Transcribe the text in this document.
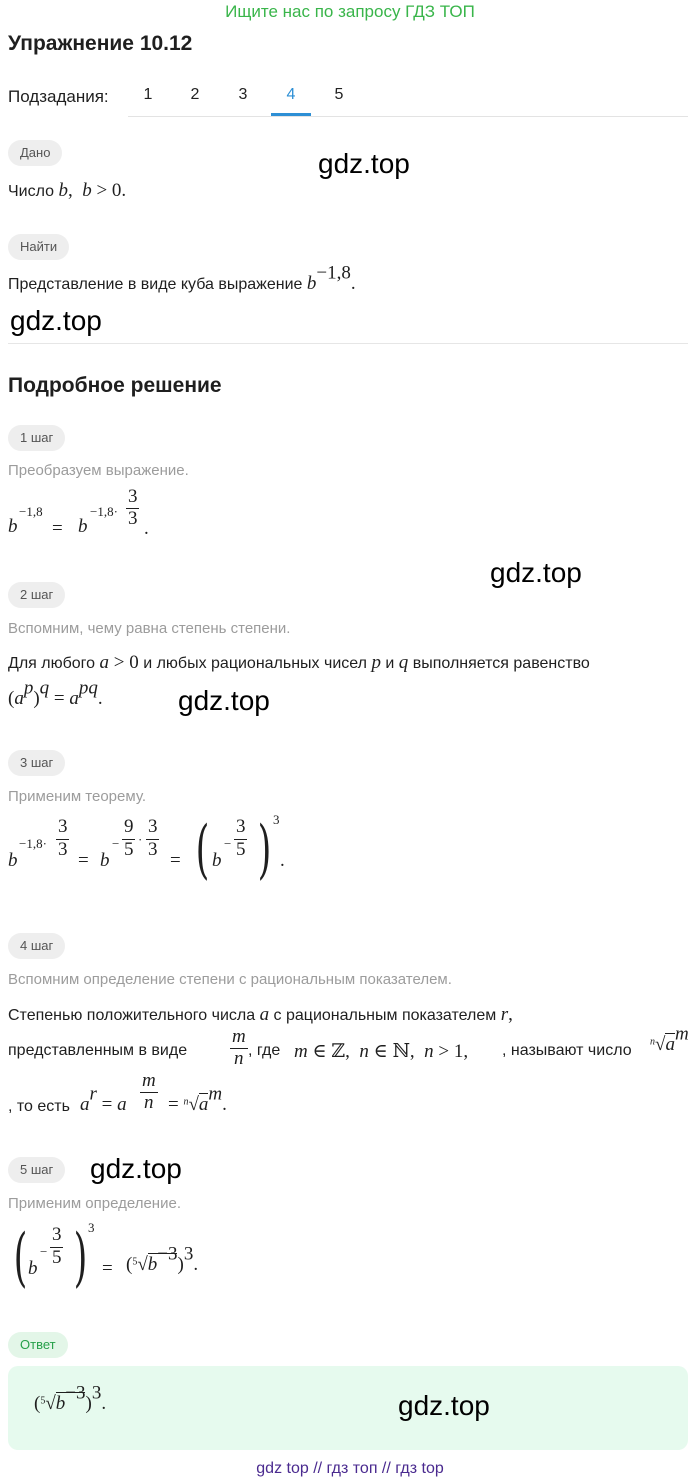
Ищите нас по запросу ГДЗ ТОП
Упражнение 10.12
Подзадания:	1	2	3	4	5
Дано	gdz.top
Число b,  b > 0.
Найти
Представление в виде куба выражение $b^{-1,8}$.
gdz.top
Подробное решение
1 шаг
Преобразуем выражение.
b
−1,8
= b
−1,8·
3
3 .
gdz.top
2 шаг
Вспомним, чему равна степень степени.
Для любого a > 0 и любых рациональных чисел p и q выполняется равенство
$(a^p)^q = a^{pq}$.	gdz.top
3 шаг
Применим теорему.
b
−1,8·
3
3
= b
−
9
5 ·
3
3
= ( b
−
3
5 ) 3
.
4 шаг
Вспомним определение степени с рациональным показателем.
Степенью положительного числа a с рациональным показателем r,
представленным в виде
m
n , где m ∈ ℤ,  n ∈ ℕ,  n > 1, , называют число $^n√a^m$
, то есть $a^r = a$
m
$n = ^n√a^m$.
5 шаг	gdz.top
Применим определение.
( b
−
3
5 ) 3
= $(^5√b^{-3})^3$.
Ответ
$(^5√b^{-3})^3$.	gdz.top
gdz top // гдз топ // гдз top
